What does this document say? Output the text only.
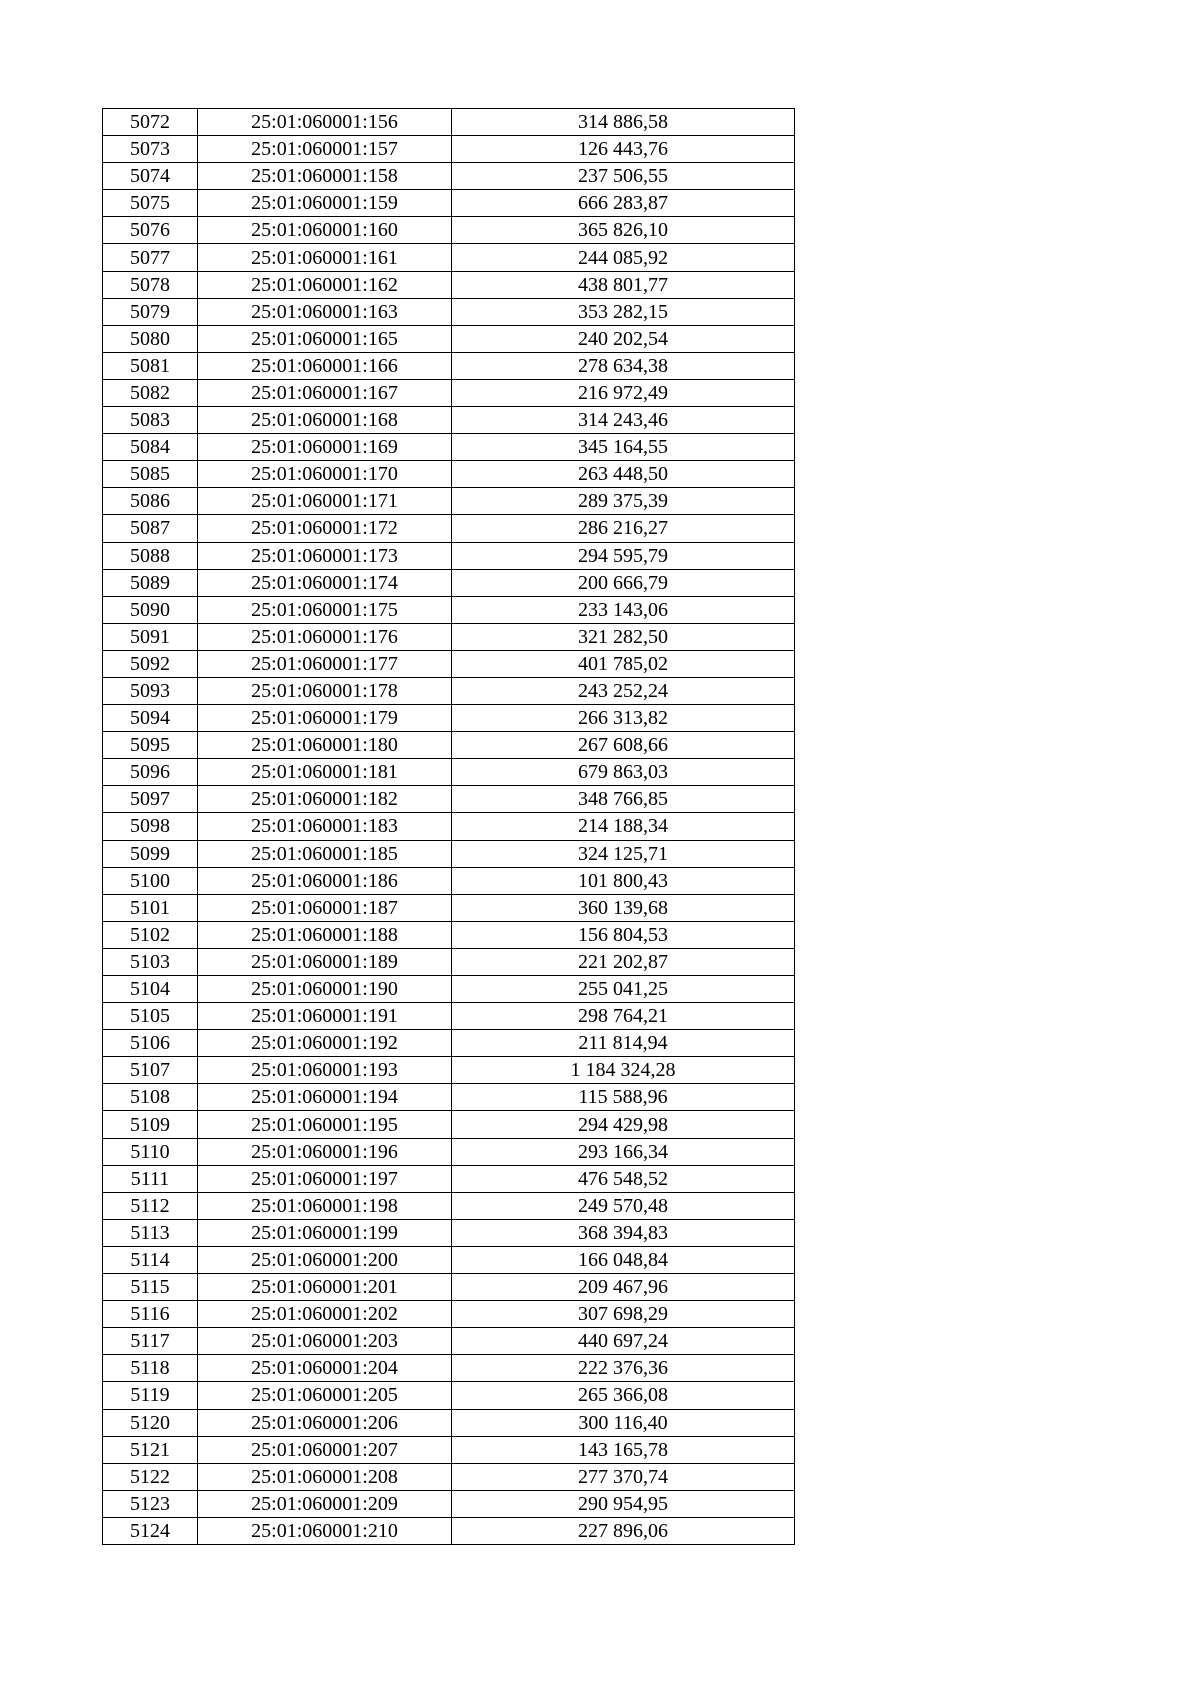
5072	25:01:060001:156	314 886,58
5073	25:01:060001:157	126 443,76
5074	25:01:060001:158	237 506,55
5075	25:01:060001:159	666 283,87
5076	25:01:060001:160	365 826,10
5077	25:01:060001:161	244 085,92
5078	25:01:060001:162	438 801,77
5079	25:01:060001:163	353 282,15
5080	25:01:060001:165	240 202,54
5081	25:01:060001:166	278 634,38
5082	25:01:060001:167	216 972,49
5083	25:01:060001:168	314 243,46
5084	25:01:060001:169	345 164,55
5085	25:01:060001:170	263 448,50
5086	25:01:060001:171	289 375,39
5087	25:01:060001:172	286 216,27
5088	25:01:060001:173	294 595,79
5089	25:01:060001:174	200 666,79
5090	25:01:060001:175	233 143,06
5091	25:01:060001:176	321 282,50
5092	25:01:060001:177	401 785,02
5093	25:01:060001:178	243 252,24
5094	25:01:060001:179	266 313,82
5095	25:01:060001:180	267 608,66
5096	25:01:060001:181	679 863,03
5097	25:01:060001:182	348 766,85
5098	25:01:060001:183	214 188,34
5099	25:01:060001:185	324 125,71
5100	25:01:060001:186	101 800,43
5101	25:01:060001:187	360 139,68
5102	25:01:060001:188	156 804,53
5103	25:01:060001:189	221 202,87
5104	25:01:060001:190	255 041,25
5105	25:01:060001:191	298 764,21
5106	25:01:060001:192	211 814,94
5107	25:01:060001:193	1 184 324,28
5108	25:01:060001:194	115 588,96
5109	25:01:060001:195	294 429,98
5110	25:01:060001:196	293 166,34
5111	25:01:060001:197	476 548,52
5112	25:01:060001:198	249 570,48
5113	25:01:060001:199	368 394,83
5114	25:01:060001:200	166 048,84
5115	25:01:060001:201	209 467,96
5116	25:01:060001:202	307 698,29
5117	25:01:060001:203	440 697,24
5118	25:01:060001:204	222 376,36
5119	25:01:060001:205	265 366,08
5120	25:01:060001:206	300 116,40
5121	25:01:060001:207	143 165,78
5122	25:01:060001:208	277 370,74
5123	25:01:060001:209	290 954,95
5124	25:01:060001:210	227 896,06
